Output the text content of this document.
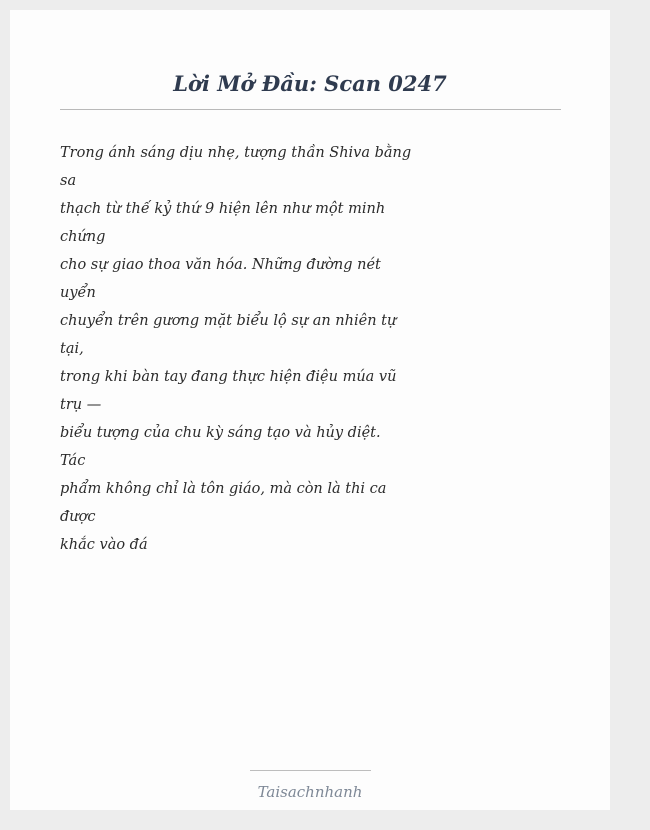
Lời Mở Đầu: Scan 0247
Trong ánh sáng dịu nhẹ, tượng thần Shiva bằng
sa
thạch từ thế kỷ thứ 9 hiện lên như một minh
chứng
cho sự giao thoa văn hóa. Những đường nét
uyển
chuyển trên gương mặt biểu lộ sự an nhiên tự
tại,
trong khi bàn tay đang thực hiện điệu múa vũ
trụ —
biểu tượng của chu kỳ sáng tạo và hủy diệt.
Tác
phẩm không chỉ là tôn giáo, mà còn là thi ca
được
khắc vào đá
Taisachnhanh
